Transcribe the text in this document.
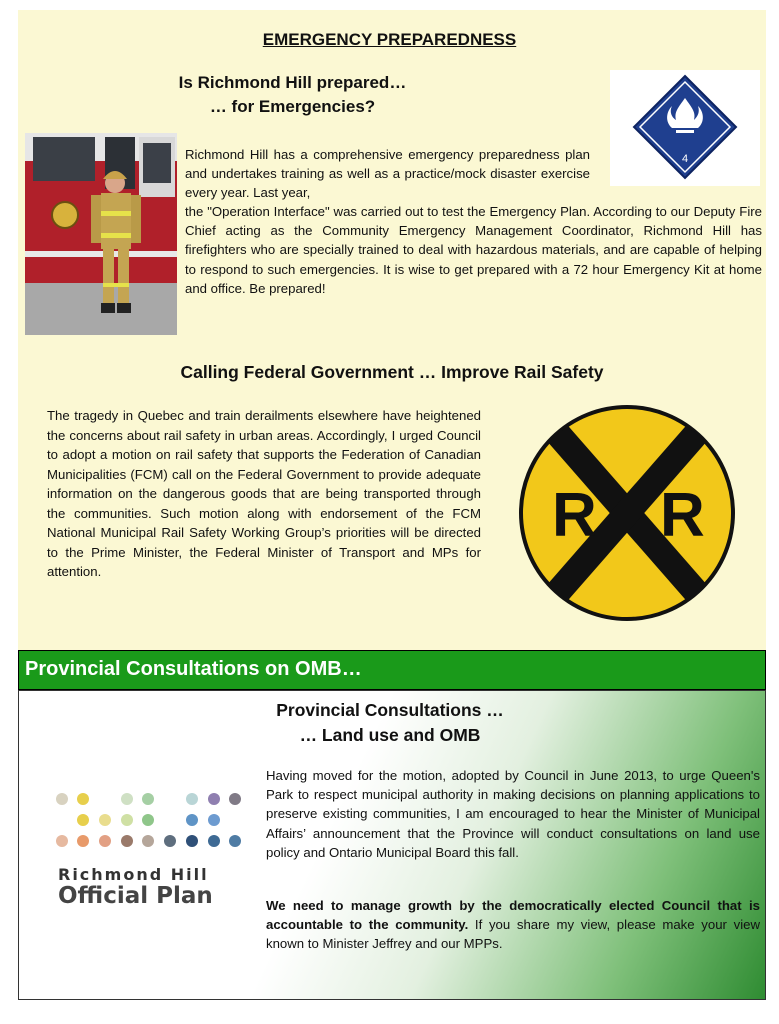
EMERGENCY PREPAREDNESS
Is Richmond Hill prepared…
… for Emergencies?
4

Richmond Hill has a comprehensive emergency preparedness plan and undertakes training as well as a practice/mock disaster exercise every year. Last year,

the "Operation Interface" was carried out to test the Emergency Plan. According to our Deputy Fire Chief acting as the Community Emergency Management Coordinator, Richmond Hill has firefighters who are specially trained to deal with hazardous materials, and are capable of helping to respond to such emergencies. It is wise to get prepared with a 72 hour Emergency Kit at home and office. Be prepared!

Calling Federal Government … Improve Rail Safety

The tragedy in Quebec and train derailments elsewhere have heightened the concerns about rail safety in urban areas. Accordingly, I urged Council to adopt a motion on rail safety that supports the Federation of Canadian Municipalities (FCM) call on the Federal Government to provide adequate information on the dangerous goods that are being transported through the communities. Such motion along with endorsement of the FCM National Municipal Rail Safety Working Group’s priorities will be directed to the Prime Minister, the Federal Minister of Transport and MPs for attention.

R R
Provincial Consultations on OMB…
Provincial Consultations …
… Land use and OMB
Richmond Hill
Official Plan

Having moved for the motion, adopted by Council in June 2013, to urge Queen's Park to respect municipal authority in making decisions on planning applications to preserve existing communities, I am encouraged to hear the Minister of Municipal Affairs’ announcement that the Province will conduct consultations on land use policy and Ontario Municipal Board this fall.

We need to manage growth by the democratically elected Council that is accountable to the community. If you share my view, please make your view known to Minister Jeffrey and our MPPs.
